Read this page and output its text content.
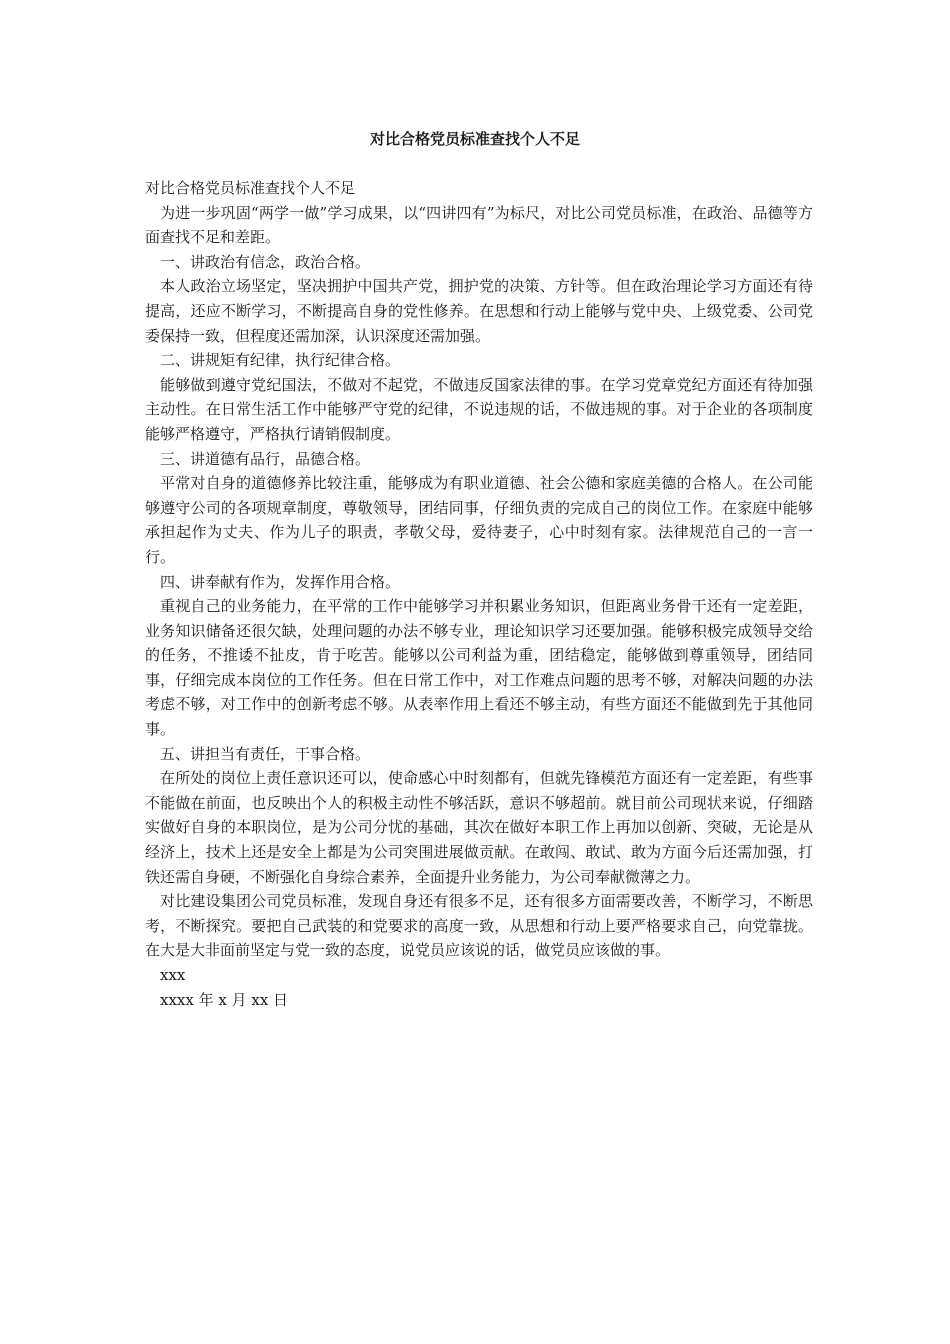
对比合格党员标准查找个人不足

对比合格党员标准查找个人不足

为进一步巩固“两学一做”学习成果，以“四讲四有”为标尺，对比公司党员标准，在政治、品德等方面查找不足和差距。

一、讲政治有信念，政治合格。

本人政治立场坚定，坚决拥护中国共产党，拥护党的决策、方针等。但在政治理论学习方面还有待提高，还应不断学习，不断提高自身的党性修养。在思想和行动上能够与党中央、上级党委、公司党委保持一致，但程度还需加深，认识深度还需加强。

二、讲规矩有纪律，执行纪律合格。

能够做到遵守党纪国法，不做对不起党，不做违反国家法律的事。在学习党章党纪方面还有待加强主动性。在日常生活工作中能够严守党的纪律，不说违规的话，不做违规的事。对于企业的各项制度能够严格遵守，严格执行请销假制度。

三、讲道德有品行，品德合格。

平常对自身的道德修养比较注重，能够成为有职业道德、社会公德和家庭美德的合格人。在公司能够遵守公司的各项规章制度，尊敬领导，团结同事，仔细负责的完成自己的岗位工作。在家庭中能够承担起作为丈夫、作为儿子的职责，孝敬父母，爱待妻子，心中时刻有家。法律规范自己的一言一行。

四、讲奉献有作为，发挥作用合格。

重视自己的业务能力，在平常的工作中能够学习并积累业务知识，但距离业务骨干还有一定差距，业务知识储备还很欠缺，处理问题的办法不够专业，理论知识学习还要加强。能够积极完成领导交给的任务，不推诿不扯皮，肯于吃苦。能够以公司利益为重，团结稳定，能够做到尊重领导，团结同事，仔细完成本岗位的工作任务。但在日常工作中，对工作难点问题的思考不够，对解决问题的办法考虑不够，对工作中的创新考虑不够。从表率作用上看还不够主动，有些方面还不能做到先于其他同事。

五、讲担当有责任，干事合格。

在所处的岗位上责任意识还可以，使命感心中时刻都有，但就先锋模范方面还有一定差距，有些事不能做在前面，也反映出个人的积极主动性不够活跃，意识不够超前。就目前公司现状来说，仔细踏实做好自身的本职岗位，是为公司分忧的基础，其次在做好本职工作上再加以创新、突破，无论是从经济上，技术上还是安全上都是为公司突围进展做贡献。在敢闯、敢试、敢为方面今后还需加强，打铁还需自身硬，不断强化自身综合素养，全面提升业务能力，为公司奉献微薄之力。

对比建设集团公司党员标准，发现自身还有很多不足，还有很多方面需要改善，不断学习，不断思考，不断探究。要把自己武装的和党要求的高度一致，从思想和行动上要严格要求自己，向党靠拢。在大是大非面前坚定与党一致的态度，说党员应该说的话，做党员应该做的事。

xxx

xxxx 年 x 月 xx 日
